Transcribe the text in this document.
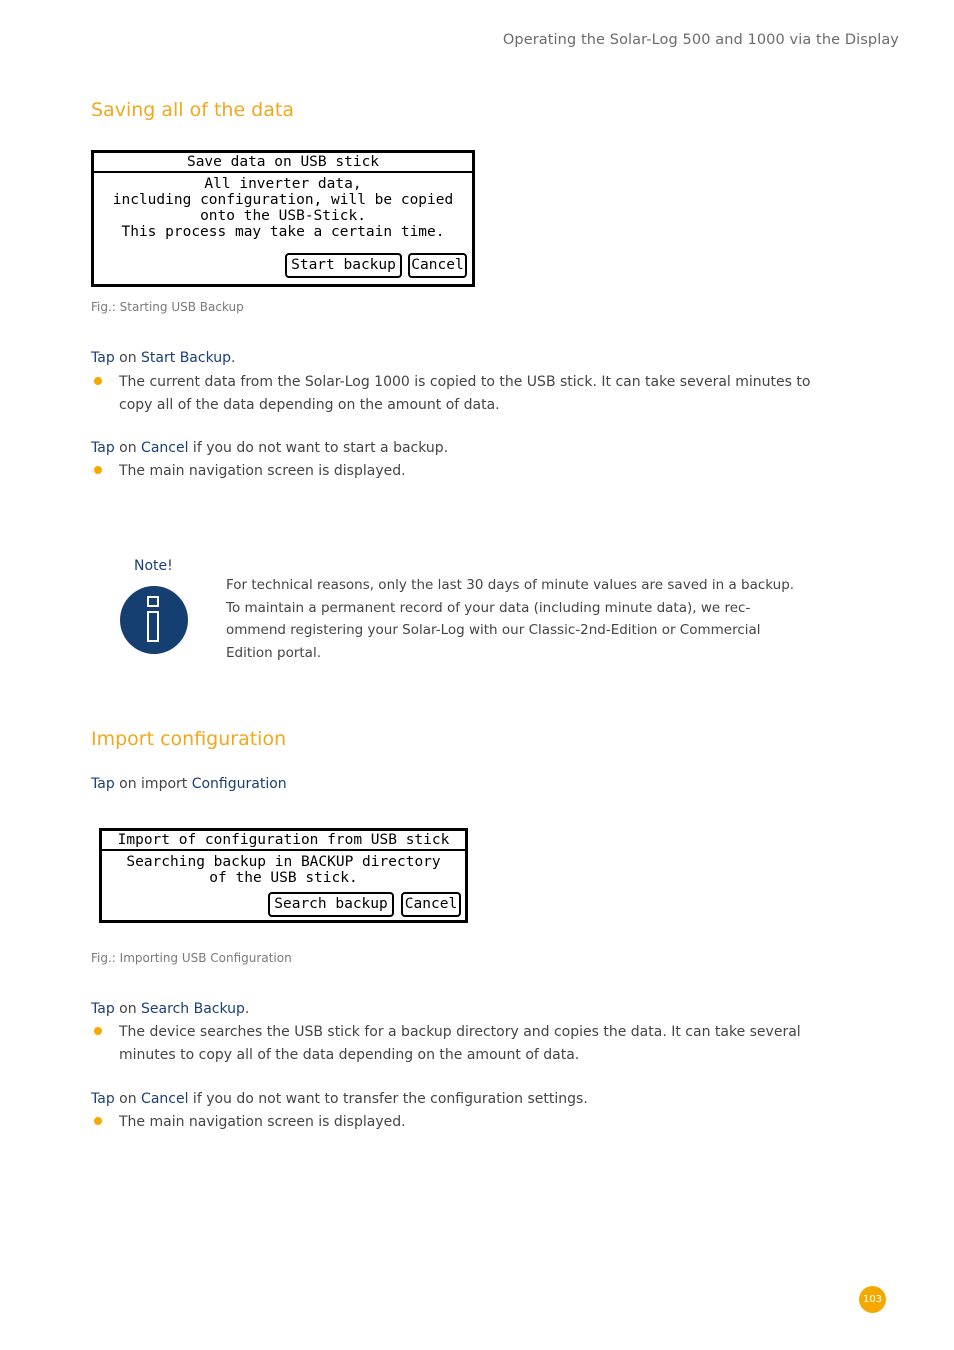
Operating the Solar-Log 500 and 1000 via the Display
Saving all of the data
Save data on USB stick
All inverter data,
including configuration, will be copied
onto the USB-Stick.
This process may take a certain time.
Start backup	Cancel
Fig.: Starting USB Backup
Tap on Start Backup.
The current data from the Solar-Log 1000 is copied to the USB stick. It can take several minutes to copy all of the data depending on the amount of data.
Tap on Cancel if you do not want to start a backup.
The main navigation screen is displayed.
Note!
For technical reasons, only the last 30 days of minute values are saved in a backup.
To maintain a permanent record of your data (including minute data), we rec-
ommend registering your Solar-Log with our Classic-2nd-Edition or Commercial
Edition portal.
Import configuration
Tap on import Configuration
Import of configuration from USB stick
Searching backup in BACKUP directory
of the USB stick.
Search backup	Cancel
Fig.: Importing USB Configuration
Tap on Search Backup.
The device searches the USB stick for a backup directory and copies the data. It can take several minutes to copy all of the data depending on the amount of data.
Tap on Cancel if you do not want to transfer the configuration settings.
The main navigation screen is displayed.
103
